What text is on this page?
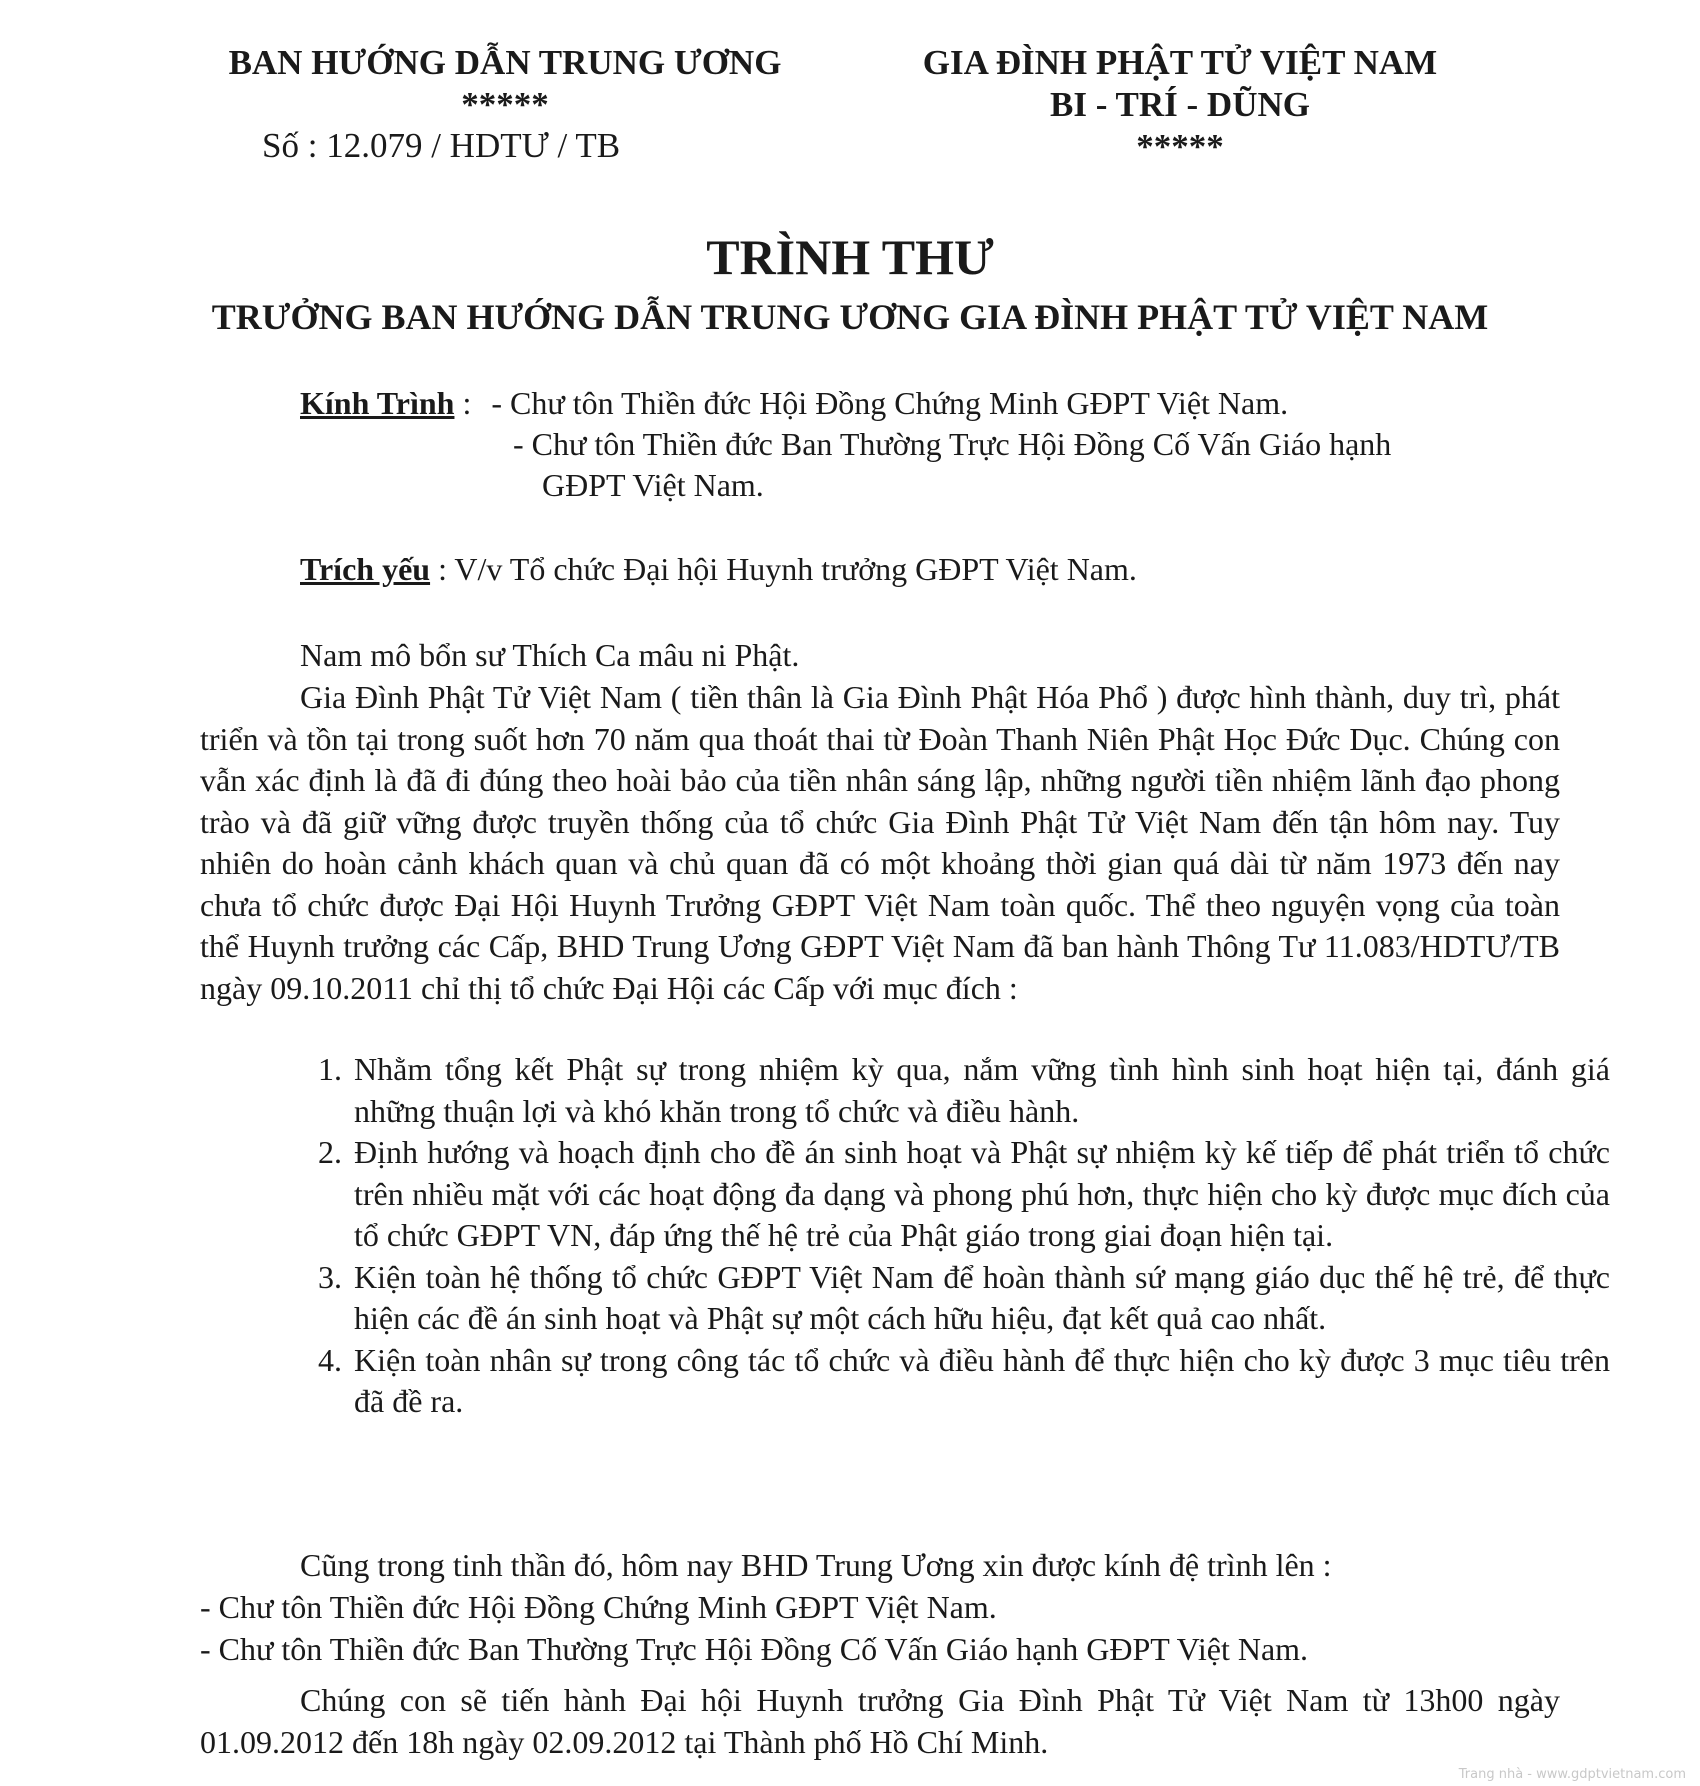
BAN HƯỚNG DẪN TRUNG ƯƠNG
*****
Số : 12.079 / HDTƯ / TB
GIA ĐÌNH PHẬT TỬ VIỆT NAM
BI - TRÍ - DŨNG
*****
TRÌNH THƯ
TRƯỞNG BAN HƯỚNG DẪN TRUNG ƯƠNG GIA ĐÌNH PHẬT TỬ VIỆT NAM
Kính Trình : - Chư tôn Thiền đức Hội Đồng Chứng Minh GĐPT Việt Nam.
- Chư tôn Thiền đức Ban Thường Trực Hội Đồng Cố Vấn Giáo hạnh
GĐPT Việt Nam.
Trích yếu : V/v Tổ chức Đại hội Huynh trưởng GĐPT Việt Nam.
Nam mô bổn sư Thích Ca mâu ni Phật.

Gia Đình Phật Tử Việt Nam ( tiền thân là Gia Đình Phật Hóa Phổ ) được hình thành, duy trì, phát triển và tồn tại trong suốt hơn 70 năm qua thoát thai từ Đoàn Thanh Niên Phật Học Đức Dục. Chúng con vẫn xác định là đã đi đúng theo hoài bảo của tiền nhân sáng lập, những người tiền nhiệm lãnh đạo phong trào và đã giữ vững được truyền thống của tổ chức Gia Đình Phật Tử Việt Nam đến tận hôm nay. Tuy nhiên do hoàn cảnh khách quan và chủ quan đã có một khoảng thời gian quá dài từ năm 1973 đến nay chưa tổ chức được Đại Hội Huynh Trưởng GĐPT Việt Nam toàn quốc. Thể theo nguyện vọng của toàn thể Huynh trưởng các Cấp, BHD Trung Ương GĐPT Việt Nam đã ban hành Thông Tư 11.083/HDTƯ/TB ngày 09.10.2011 chỉ thị tổ chức Đại Hội các Cấp với mục đích :

1. Nhằm tổng kết Phật sự trong nhiệm kỳ qua, nắm vững tình hình sinh hoạt hiện tại, đánh giá những thuận lợi và khó khăn trong tổ chức và điều hành.
2. Định hướng và hoạch định cho đề án sinh hoạt và Phật sự nhiệm kỳ kế tiếp để phát triển tổ chức trên nhiều mặt với các hoạt động đa dạng và phong phú hơn, thực hiện cho kỳ được mục đích của tổ chức GĐPT VN, đáp ứng thế hệ trẻ của Phật giáo trong giai đoạn hiện tại.
3. Kiện toàn hệ thống tổ chức GĐPT Việt Nam để hoàn thành sứ mạng giáo dục thế hệ trẻ, để thực hiện các đề án sinh hoạt và Phật sự một cách hữu hiệu, đạt kết quả cao nhất.
4. Kiện toàn nhân sự trong công tác tổ chức và điều hành để thực hiện cho kỳ được 3 mục tiêu trên đã đề ra.
Cũng trong tinh thần đó, hôm nay BHD Trung Ương xin được kính đệ trình lên :
- Chư tôn Thiền đức Hội Đồng Chứng Minh GĐPT Việt Nam.
- Chư tôn Thiền đức Ban Thường Trực Hội Đồng Cố Vấn Giáo hạnh GĐPT Việt Nam.

Chúng con sẽ tiến hành Đại hội Huynh trưởng Gia Đình Phật Tử Việt Nam từ 13h00 ngày 01.09.2012 đến 18h ngày 02.09.2012 tại Thành phố Hồ Chí Minh.

Trang nhà - www.gdptvietnam.com
